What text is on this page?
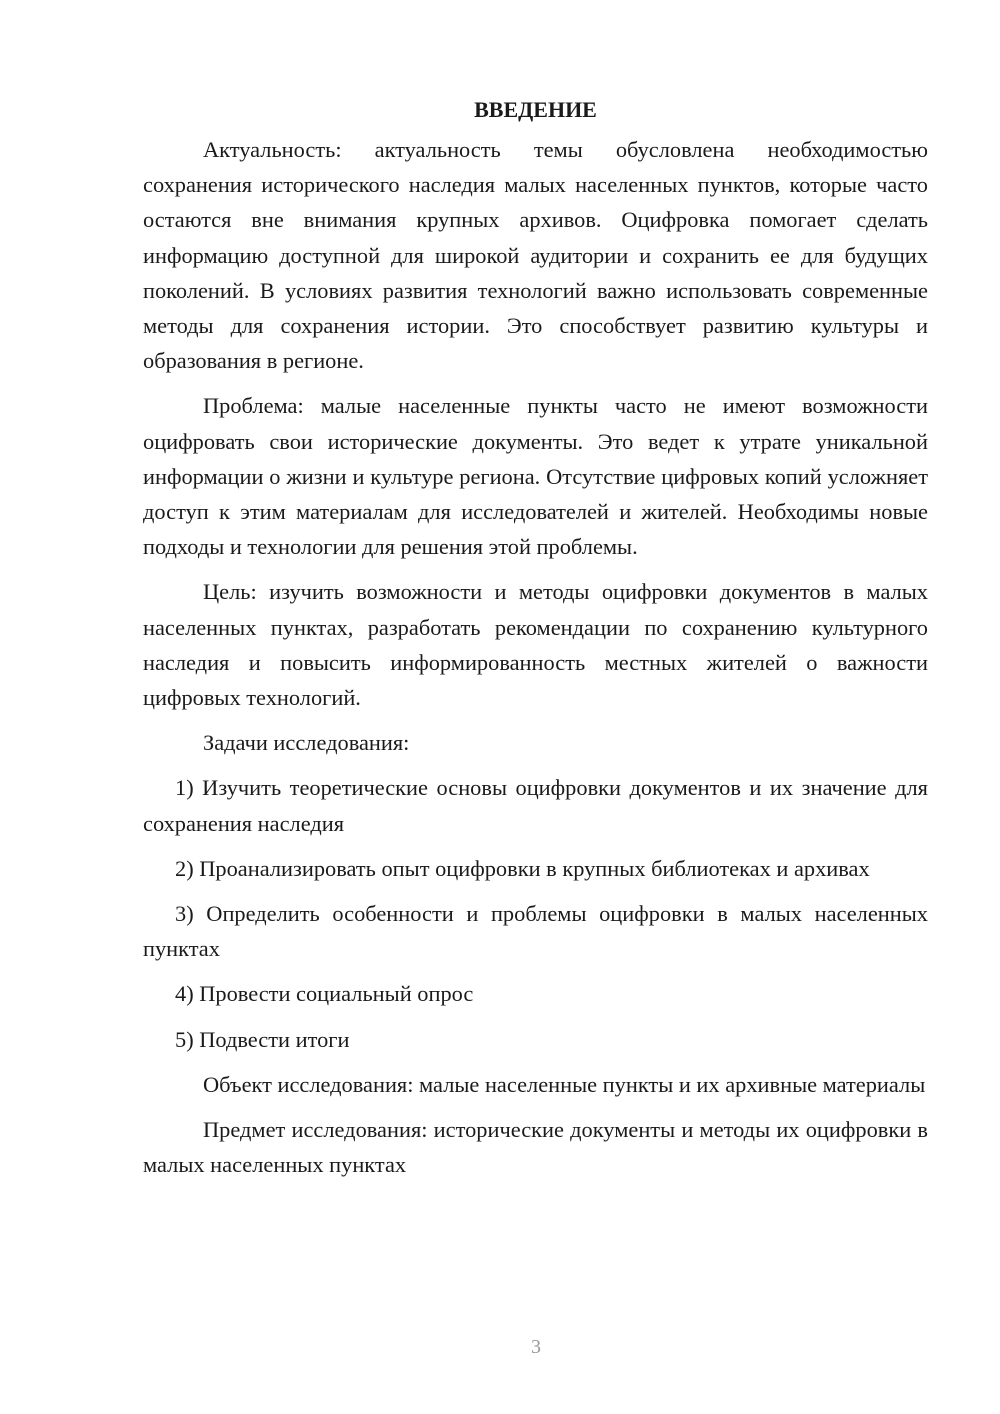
ВВЕДЕНИЕ

Актуальность: актуальность темы обусловлена необходимостью сохранения исторического наследия малых населенных пунктов, которые часто остаются вне внимания крупных архивов. Оцифровка помогает сделать информацию доступной для широкой аудитории и сохранить ее для будущих поколений. В условиях развития технологий важно использовать современные методы для сохранения истории. Это способствует развитию культуры и образования в регионе.

Проблема: малые населенные пункты часто не имеют возможности оцифровать свои исторические документы. Это ведет к утрате уникальной информации о жизни и культуре региона. Отсутствие цифровых копий усложняет доступ к этим материалам для исследователей и жителей. Необходимы новые подходы и технологии для решения этой проблемы.

Цель: изучить возможности и методы оцифровки документов в малых населенных пунктах, разработать рекомендации по сохранению культурного наследия и повысить информированность местных жителей о важности цифровых технологий.

Задачи исследования:

1) Изучить теоретические основы оцифровки документов и их значение для сохранения наследия

2) Проанализировать опыт оцифровки в крупных библиотеках и архивах

3) Определить особенности и проблемы оцифровки в малых населенных пунктах

4) Провести социальный опрос

5) Подвести итоги

Объект исследования: малые населенные пункты и их архивные материалы

Предмет исследования: исторические документы и методы их оцифровки в малых населенных пунктах

3
